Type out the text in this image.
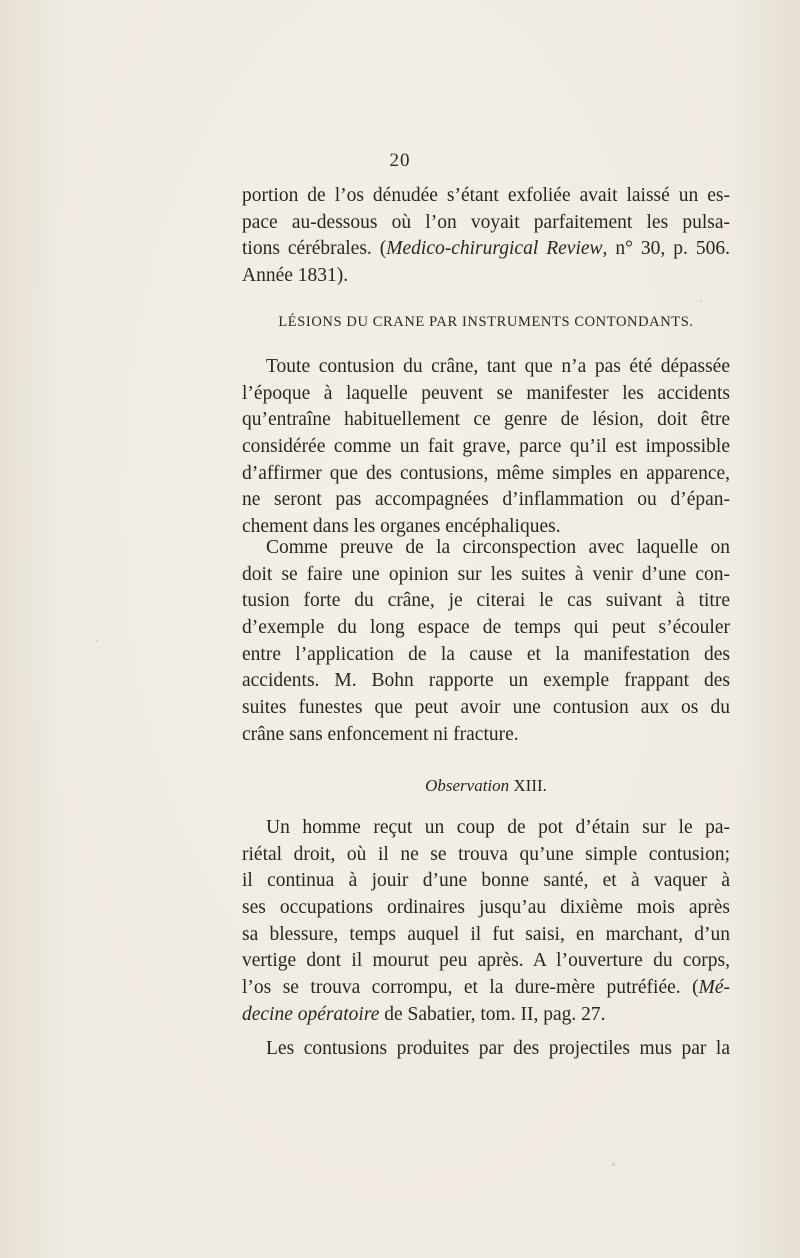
20
portion de l’os dénudée s’étant exfoliée avait laissé un es-
pace au-dessous où l’on voyait parfaitement les pulsa-
tions cérébrales. (Medico-chirurgical Review, n° 30, p. 506.
Année 1831).
LÉSIONS DU CRANE PAR INSTRUMENTS CONTONDANTS.
Toute contusion du crâne, tant que n’a pas été dépassée
l’époque à laquelle peuvent se manifester les accidents
qu’entraîne habituellement ce genre de lésion, doit être
considérée comme un fait grave, parce qu’il est impossible
d’affirmer que des contusions, même simples en apparence,
ne seront pas accompagnées d’inflammation ou d’épan-
chement dans les organes encéphaliques.
Comme preuve de la circonspection avec laquelle on
doit se faire une opinion sur les suites à venir d’une con-
tusion forte du crâne, je citerai le cas suivant à titre
d’exemple du long espace de temps qui peut s’écouler
entre l’application de la cause et la manifestation des
accidents. M. Bohn rapporte un exemple frappant des
suites funestes que peut avoir une contusion aux os du
crâne sans enfoncement ni fracture.
Observation XIII.
Un homme reçut un coup de pot d’étain sur le pa-
riétal droit, où il ne se trouva qu’une simple contusion;
il continua à jouir d’une bonne santé, et à vaquer à
ses occupations ordinaires jusqu’au dixième mois après
sa blessure, temps auquel il fut saisi, en marchant, d’un
vertige dont il mourut peu après. A l’ouverture du corps,
l’os se trouva corrompu, et la dure-mère putréfiée. (Mé-
decine opératoire de Sabatier, tom. II, pag. 27.
Les contusions produites par des projectiles mus par la
